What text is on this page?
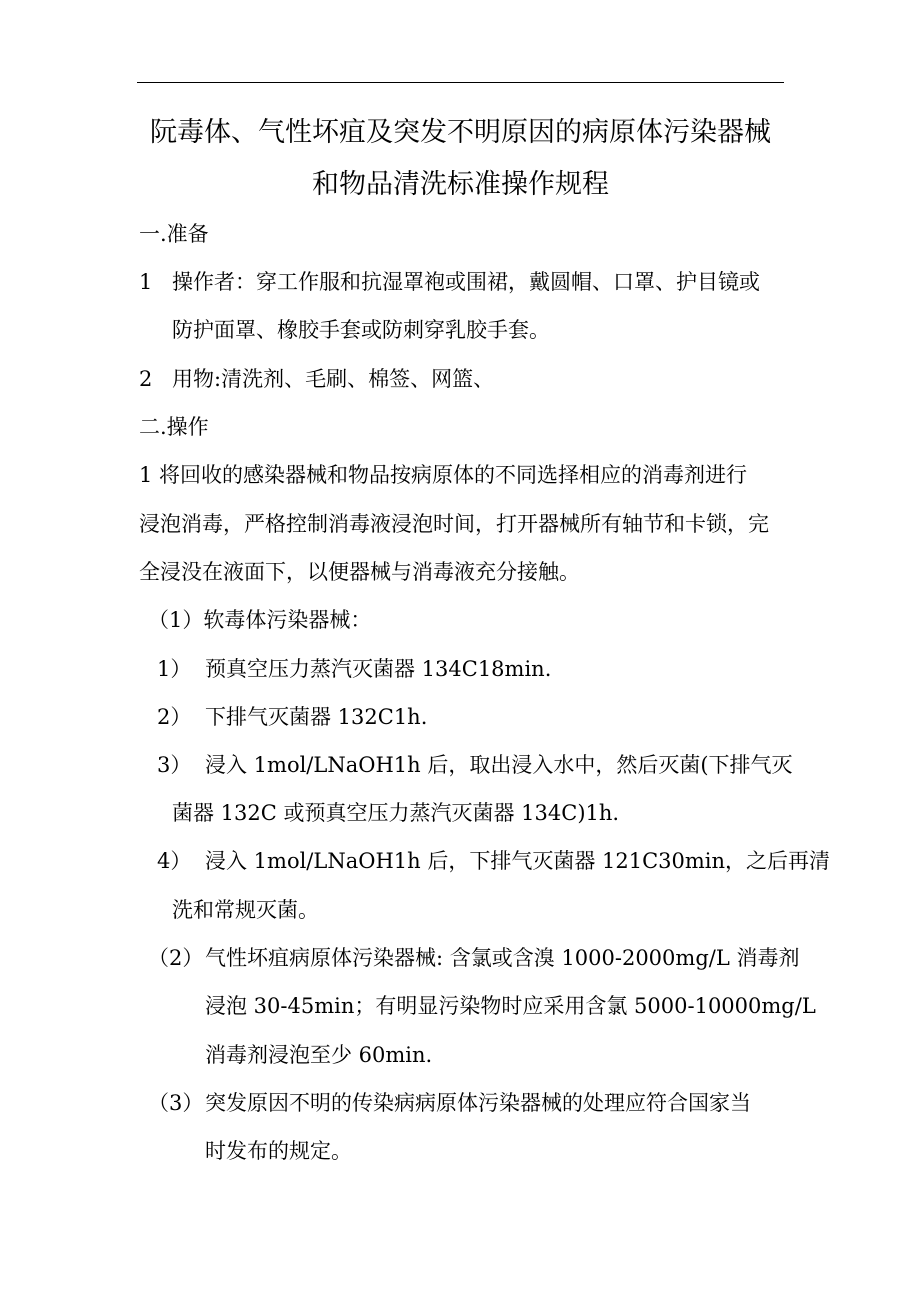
阮毒体、气性坏疽及突发不明原因的病原体污染器械
和物品清洗标准操作规程
一.准备
1 操作者：穿工作服和抗湿罩袍或围裙，戴圆帽、口罩、护目镜或
防护面罩、橡胶手套或防刺穿乳胶手套。
2 用物:清洗剂、毛刷、棉签、网篮、
二.操作
1 将回收的感染器械和物品按病原体的不同选择相应的消毒剂进行
浸泡消毒，严格控制消毒液浸泡时间，打开器械所有轴节和卡锁，完
全浸没在液面下，以便器械与消毒液充分接触。
（1）软毒体污染器械：
1） 预真空压力蒸汽灭菌器 134C18min.
2） 下排气灭菌器 132C1h.
3） 浸入 1mol/LNaOH1h 后，取出浸入水中，然后灭菌(下排气灭
菌器 132C 或预真空压力蒸汽灭菌器 134C)1h.
4） 浸入 1mol/LNaOH1h 后，下排气灭菌器 121C30min，之后再清
洗和常规灭菌。
（2） 气性坏疽病原体污染器械: 含氯或含溴 1000-2000mg/L 消毒剂
浸泡 30-45min；有明显污染物时应采用含氯 5000-10000mg/L
消毒剂浸泡至少 60min.
（3） 突发原因不明的传染病病原体污染器械的处理应符合国家当
时发布的规定。
